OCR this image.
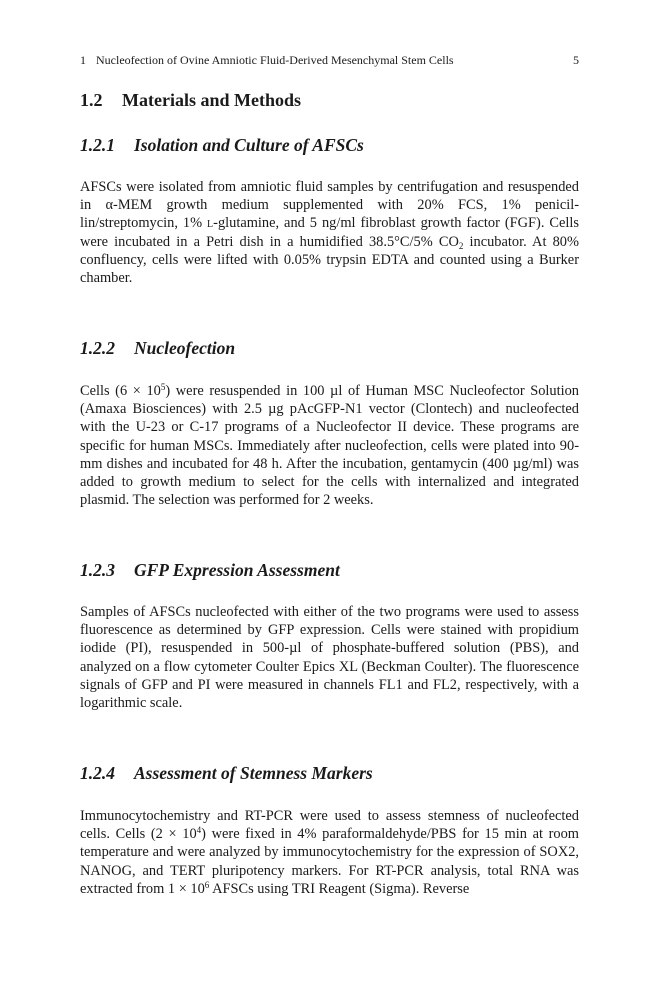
1 Nucleofection of Ovine Amniotic Fluid-Derived Mesenchymal Stem Cells	5
1.2 Materials and Methods
1.2.1 Isolation and Culture of AFSCs

AFSCs were isolated from amniotic fluid samples by centrifugation and resuspended in α-MEM growth medium supplemented with 20% FCS, 1% penicil-lin/streptomycin, 1% l-glutamine, and 5 ng/ml fibroblast growth factor (FGF). Cells were incubated in a Petri dish in a humidified 38.5°C/5% $CO_2$ incubator. At 80% confluency, cells were lifted with 0.05% trypsin EDTA and counted using a Burker chamber.

1.2.2 Nucleofection

Cells $(6 \times 10^5)$ were resuspended in 100 µl of Human MSC Nucleofector Solution (Amaxa Biosciences) with 2.5 µg pAcGFP-N1 vector (Clontech) and nucleofected with the U-23 or C-17 programs of a Nucleofector II device. These programs are specific for human MSCs. Immediately after nucleofection, cells were plated into 90-mm dishes and incubated for 48 h. After the incubation, gentamycin (400 µg/ml) was added to growth medium to select for the cells with internalized and integrated plasmid. The selection was performed for 2 weeks.

1.2.3 GFP Expression Assessment

Samples of AFSCs nucleofected with either of the two programs were used to assess fluorescence as determined by GFP expression. Cells were stained with propidium iodide (PI), resuspended in 500-µl of phosphate-buffered solution (PBS), and analyzed on a flow cytometer Coulter Epics XL (Beckman Coulter). The fluorescence signals of GFP and PI were measured in channels FL1 and FL2, respectively, with a logarithmic scale.

1.2.4 Assessment of Stemness Markers

Immunocytochemistry and RT-PCR were used to assess stemness of nucleofected cells. Cells $(2 \times 10^4)$ were fixed in 4% paraformaldehyde/PBS for 15 min at room temperature and were analyzed by immunocytochemistry for the expression of SOX2, NANOG, and TERT pluripotency markers. For RT-PCR analysis, total RNA was extracted from $1 \times 10^6$ AFSCs using TRI Reagent (Sigma). Reverse
